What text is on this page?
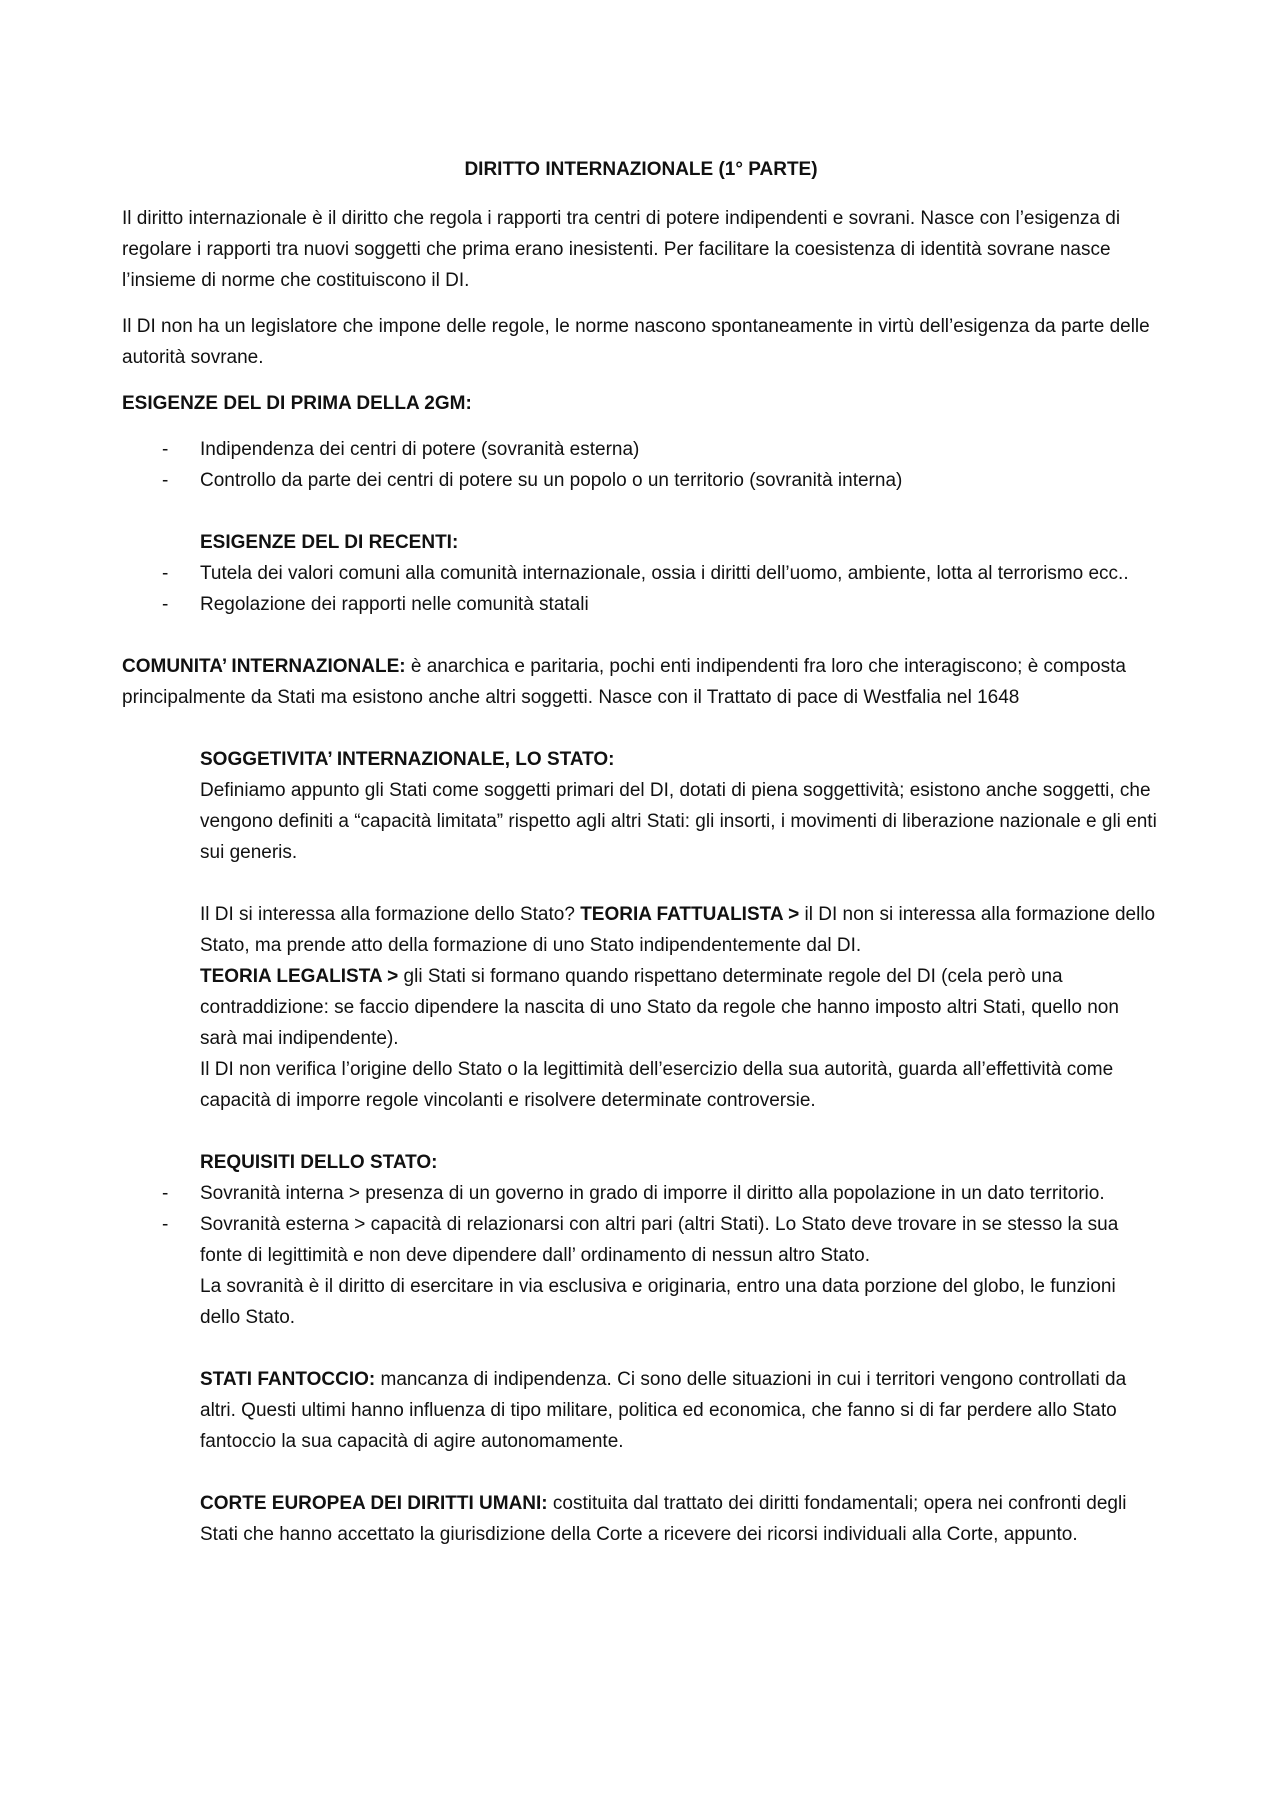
DIRITTO INTERNAZIONALE (1° PARTE)

Il diritto internazionale è il diritto che regola i rapporti tra centri di potere indipendenti e sovrani. Nasce con l’esigenza di regolare i rapporti tra nuovi soggetti che prima erano inesistenti. Per facilitare la coesistenza di identità sovrane nasce l’insieme di norme che costituiscono il DI.

Il DI non ha un legislatore che impone delle regole, le norme nascono spontaneamente in virtù dell’esigenza da parte delle autorità sovrane.

ESIGENZE DEL DI PRIMA DELLA 2GM:

- Indipendenza dei centri di potere (sovranità esterna)
- Controllo da parte dei centri di potere su un popolo o un territorio (sovranità interna)
ESIGENZE DEL DI RECENTI:
- Tutela dei valori comuni alla comunità internazionale, ossia i diritti dell’uomo, ambiente, lotta al terrorismo ecc..
- Regolazione dei rapporti nelle comunità statali
COMUNITA’ INTERNAZIONALE: è anarchica e paritaria, pochi enti indipendenti fra loro che interagiscono; è composta principalmente da Stati ma esistono anche altri soggetti. Nasce con il Trattato di pace di Westfalia nel 1648
SOGGETIVITA’ INTERNAZIONALE, LO STATO:
Definiamo appunto gli Stati come soggetti primari del DI, dotati di piena soggettività; esistono anche soggetti, che vengono definiti a “capacità limitata” rispetto agli altri Stati: gli insorti, i movimenti di liberazione nazionale e gli enti sui generis.
Il DI si interessa alla formazione dello Stato? TEORIA FATTUALISTA > il DI non si interessa alla formazione dello Stato, ma prende atto della formazione di uno Stato indipendentemente dal DI.
TEORIA LEGALISTA > gli Stati si formano quando rispettano determinate regole del DI (cela però una contraddizione: se faccio dipendere la nascita di uno Stato da regole che hanno imposto altri Stati, quello non sarà mai indipendente).
Il DI non verifica l’origine dello Stato o la legittimità dell’esercizio della sua autorità, guarda all’effettività come capacità di imporre regole vincolanti e risolvere determinate controversie.
REQUISITI DELLO STATO:
- Sovranità interna > presenza di un governo in grado di imporre il diritto alla popolazione in un dato territorio.
- Sovranità esterna > capacità di relazionarsi con altri pari (altri Stati). Lo Stato deve trovare in se stesso la sua fonte di legittimità e non deve dipendere dall’ ordinamento di nessun altro Stato.
La sovranità è il diritto di esercitare in via esclusiva e originaria, entro una data porzione del globo, le funzioni dello Stato.
STATI FANTOCCIO: mancanza di indipendenza. Ci sono delle situazioni in cui i territori vengono controllati da altri. Questi ultimi hanno influenza di tipo militare, politica ed economica, che fanno si di far perdere allo Stato fantoccio la sua capacità di agire autonomamente.
CORTE EUROPEA DEI DIRITTI UMANI: costituita dal trattato dei diritti fondamentali; opera nei confronti degli Stati che hanno accettato la giurisdizione della Corte a ricevere dei ricorsi individuali alla Corte, appunto.
